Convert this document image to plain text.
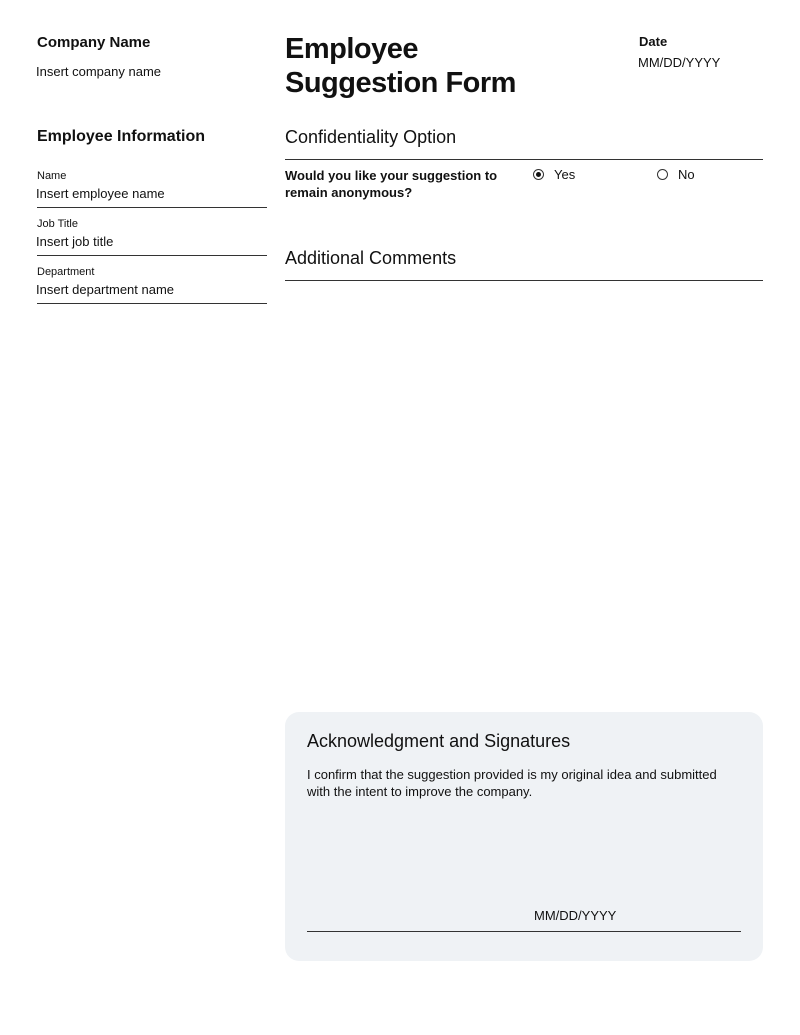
Company Name
Insert company name
Employee
Suggestion Form
Date
MM/DD/YYYY
Employee Information
Name
Insert employee name
Job Title
Insert job title
Department
Insert department name
Confidentiality Option
Would you like your suggestion to
remain anonymous?
Yes	No
Additional Comments
Acknowledgment and Signatures
I confirm that the suggestion provided is my original idea and submitted
with the intent to improve the company.
MM/DD/YYYY
